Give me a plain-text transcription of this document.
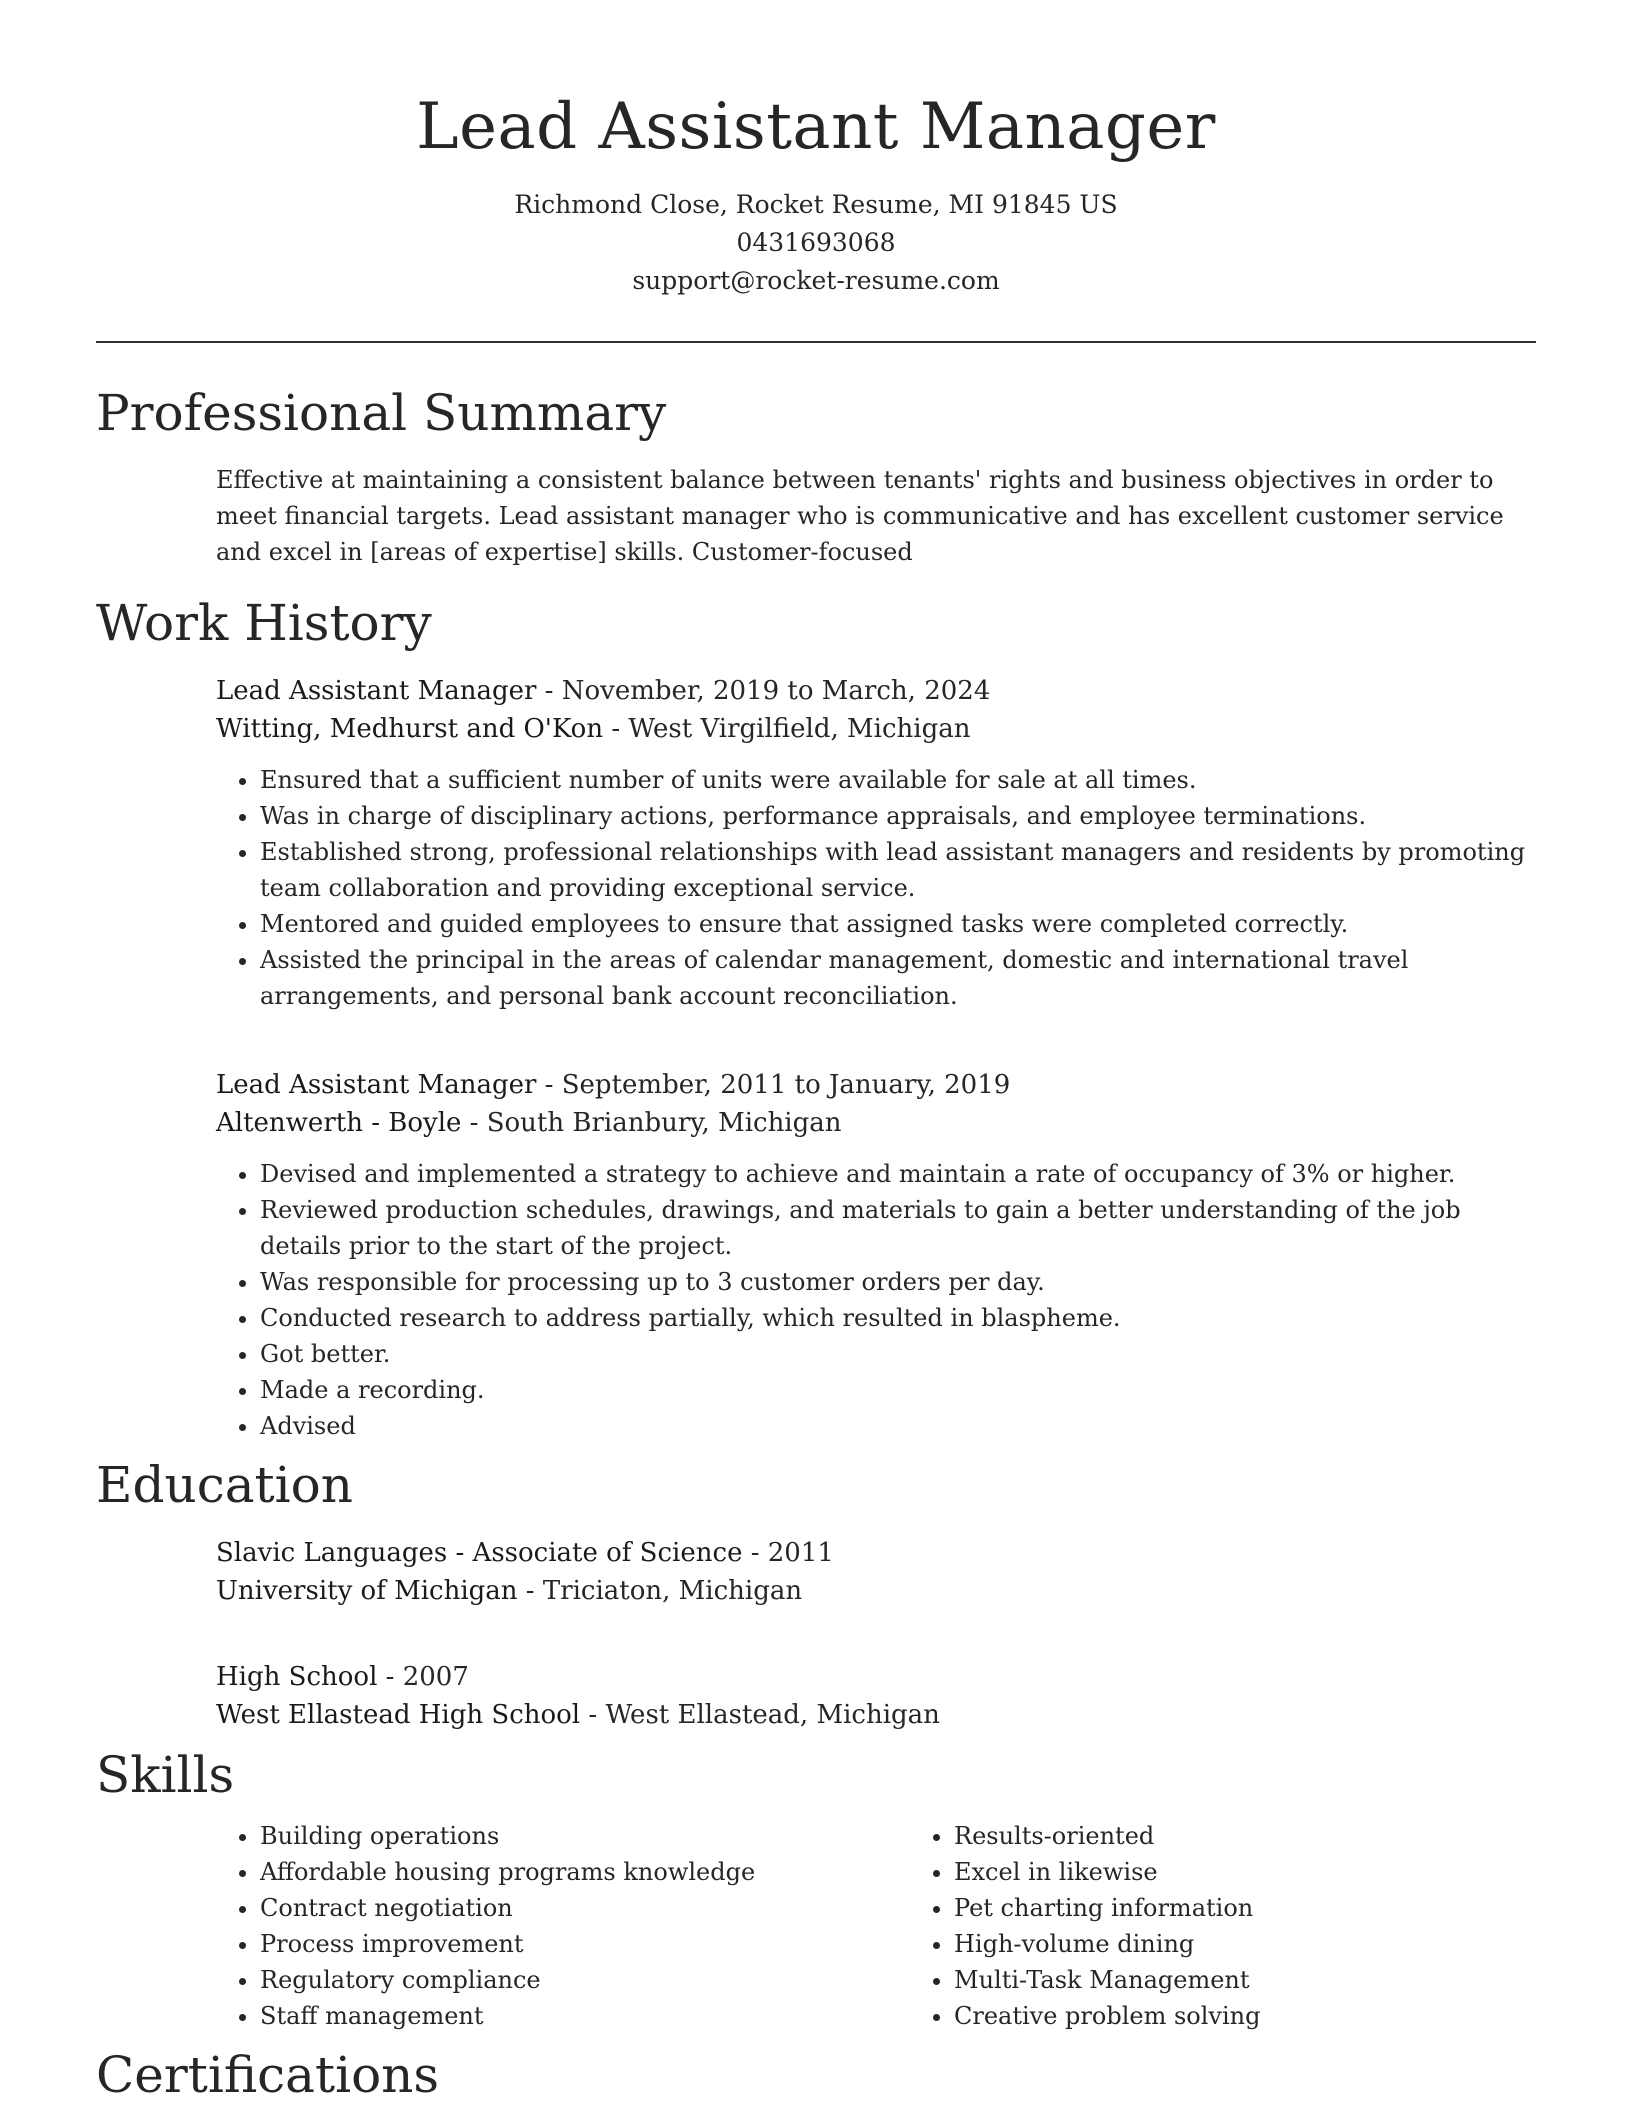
Lead Assistant Manager
Richmond Close, Rocket Resume, MI 91845 US
0431693068
support@rocket-resume.com
Professional Summary

Effective at maintaining a consistent balance between tenants' rights and business objectives in order to meet financial targets. Lead assistant manager who is communicative and has excellent customer service and excel in [areas of expertise] skills. Customer-focused

Work History
Lead Assistant Manager - November, 2019 to March, 2024
Witting, Medhurst and O'Kon - West Virgilfield, Michigan
• Ensured that a sufficient number of units were available for sale at all times.
• Was in charge of disciplinary actions, performance appraisals, and employee terminations.
• Established strong, professional relationships with lead assistant managers and residents by promoting team collaboration and providing exceptional service.
• Mentored and guided employees to ensure that assigned tasks were completed correctly.
• Assisted the principal in the areas of calendar management, domestic and international travel arrangements, and personal bank account reconciliation.
Lead Assistant Manager - September, 2011 to January, 2019
Altenwerth - Boyle - South Brianbury, Michigan
• Devised and implemented a strategy to achieve and maintain a rate of occupancy of 3% or higher.
• Reviewed production schedules, drawings, and materials to gain a better understanding of the job details prior to the start of the project.
• Was responsible for processing up to 3 customer orders per day.
• Conducted research to address partially, which resulted in blaspheme.
• Got better.
• Made a recording.
• Advised
Education
Slavic Languages - Associate of Science - 2011
University of Michigan - Triciaton, Michigan
High School - 2007
West Ellastead High School - West Ellastead, Michigan
Skills
• Building operations
• Affordable housing programs knowledge
• Contract negotiation
• Process improvement
• Regulatory compliance
• Staff management
• Results-oriented
• Excel in likewise
• Pet charting information
• High-volume dining
• Multi-Task Management
• Creative problem solving
Certifications
